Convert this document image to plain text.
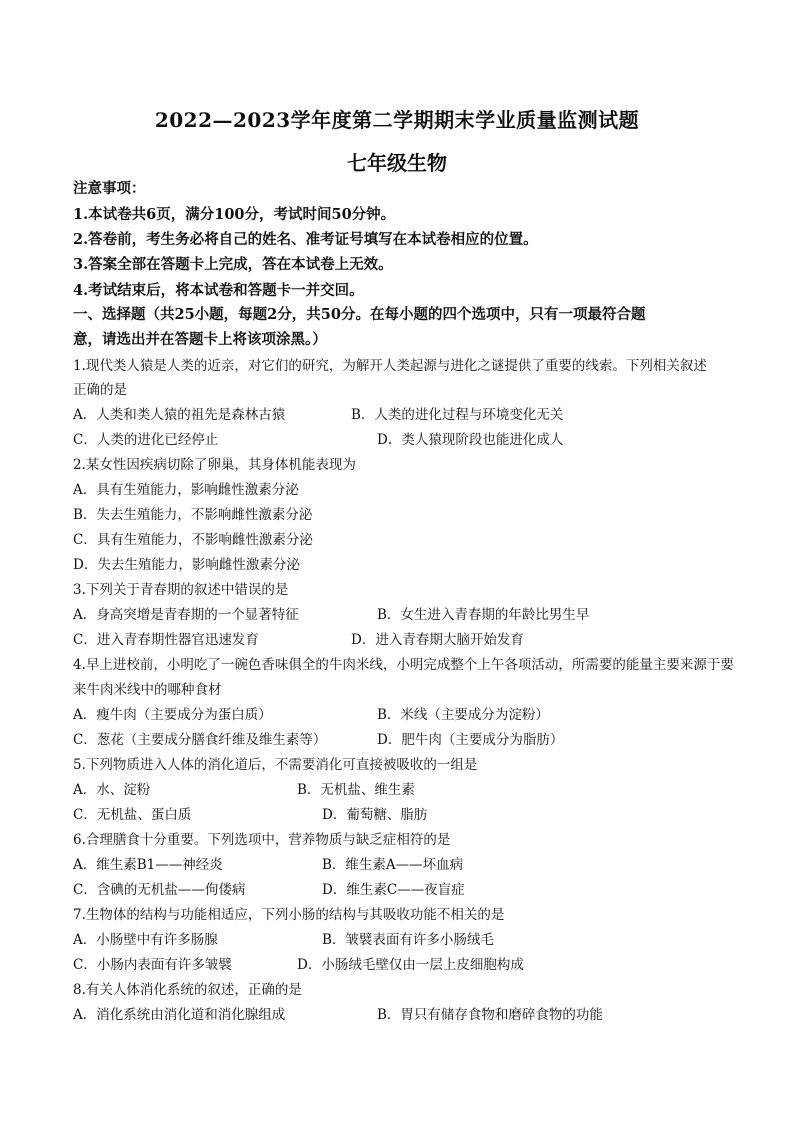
2022—2023学年度第二学期期末学业质量监测试题
七年级生物
注意事项：
1.本试卷共6页，满分100分，考试时间50分钟。
2.答卷前，考生务必将自己的姓名、准考证号填写在本试卷相应的位置。
3.答案全部在答题卡上完成，答在本试卷上无效。
4.考试结束后，将本试卷和答题卡一并交回。
一、选择题（共25小题，每题2分，共50分。在每小题的四个选项中，只有一项最符合题
意，请选出并在答题卡上将该项涂黑。）
1.现代类人猿是人类的近亲，对它们的研究，为解开人类起源与进化之谜提供了重要的线索。下列相关叙述
正确的是
A．人类和类人猿的祖先是森林古猿	B．人类的进化过程与环境变化无关
C．人类的进化已经停止	D．类人猿现阶段也能进化成人
2.某女性因疾病切除了卵巢，其身体机能表现为
A．具有生殖能力，影响雌性激素分泌
B．失去生殖能力，不影响雌性激素分泌
C．具有生殖能力，不影响雌性激素分泌
D．失去生殖能力，影响雌性激素分泌
3.下列关于青春期的叙述中错误的是
A．身高突增是青春期的一个显著特征	B．女生进入青春期的年龄比男生早
C．进入青春期性器官迅速发育	D．进入青春期大脑开始发育
4.早上进校前，小明吃了一碗色香味俱全的牛肉米线，小明完成整个上午各项活动，所需要的能量主要来源于要
来牛肉米线中的哪种食材
A．瘦牛肉（主要成分为蛋白质）	B．米线（主要成分为淀粉）
C．葱花（主要成分膳食纤维及维生素等）	D．肥牛肉（主要成分为脂肪）
5.下列物质进入人体的消化道后，不需要消化可直接被吸收的一组是
A．水、淀粉	B．无机盐、维生素
C．无机盐、蛋白质	D．葡萄糖、脂肪
6.合理膳食十分重要。下列选项中，营养物质与缺乏症相符的是
A．维生素B1——神经炎	B．维生素A——坏血病
C．含碘的无机盐——佝偻病	D．维生素C——夜盲症
7.生物体的结构与功能相适应，下列小肠的结构与其吸收功能不相关的是
A．小肠壁中有许多肠腺	B．皱襞表面有许多小肠绒毛
C．小肠内表面有许多皱襞	D．小肠绒毛壁仅由一层上皮细胞构成
8.有关人体消化系统的叙述，正确的是
A．消化系统由消化道和消化腺组成	B．胃只有储存食物和磨碎食物的功能
